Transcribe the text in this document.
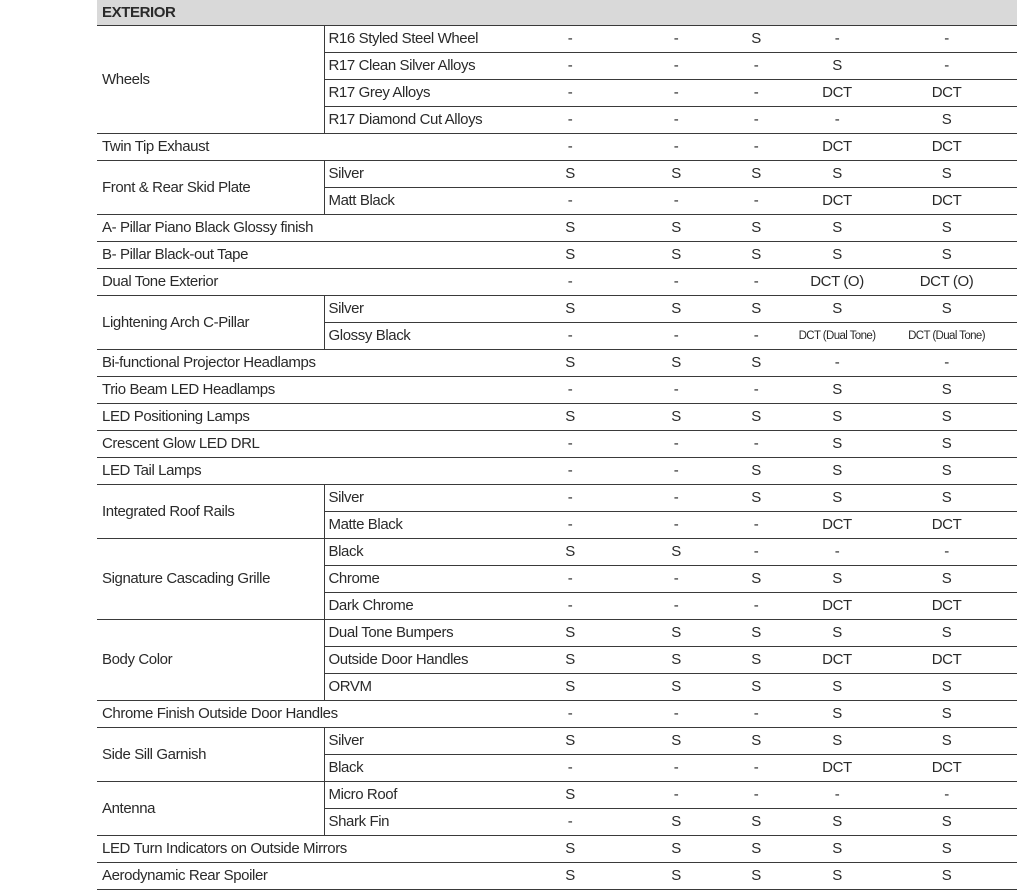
EXTERIOR						
Wheels	R16 Styled Steel Wheel	-	-	S	-	-
	R17 Clean Silver Alloys	-	-	-	S	-
	R17 Grey Alloys	-	-	-	DCT	DCT
	R17 Diamond Cut Alloys	-	-	-	-	S
Twin Tip Exhaust		-	-	-	DCT	DCT
Front & Rear Skid Plate	Silver	S	S	S	S	S
	Matt Black	-	-	-	DCT	DCT
A- Pillar Piano Black Glossy finish		S	S	S	S	S
B- Pillar Black-out Tape		S	S	S	S	S
Dual Tone Exterior		-	-	-	DCT (O)	DCT (O)
Lightening Arch C-Pillar	Silver	S	S	S	S	S
	Glossy Black	-	-	-	DCT (Dual Tone)	DCT (Dual Tone)
Bi-functional Projector Headlamps		S	S	S	-	-
Trio Beam LED Headlamps		-	-	-	S	S
LED Positioning Lamps		S	S	S	S	S
Crescent Glow LED DRL		-	-	-	S	S
LED Tail Lamps		-	-	S	S	S
Integrated Roof Rails	Silver	-	-	S	S	S
	Matte Black	-	-	-	DCT	DCT
Signature Cascading Grille	Black	S	S	-	-	-
	Chrome	-	-	S	S	S
	Dark Chrome	-	-	-	DCT	DCT
Body Color	Dual Tone Bumpers	S	S	S	S	S
	Outside Door Handles	S	S	S	DCT	DCT
	ORVM	S	S	S	S	S
Chrome Finish Outside Door Handles		-	-	-	S	S
Side Sill Garnish	Silver	S	S	S	S	S
	Black	-	-	-	DCT	DCT
Antenna	Micro Roof	S	-	-	-	-
	Shark Fin	-	S	S	S	S
LED Turn Indicators on Outside Mirrors		S	S	S	S	S
Aerodynamic Rear Spoiler		S	S	S	S	S
